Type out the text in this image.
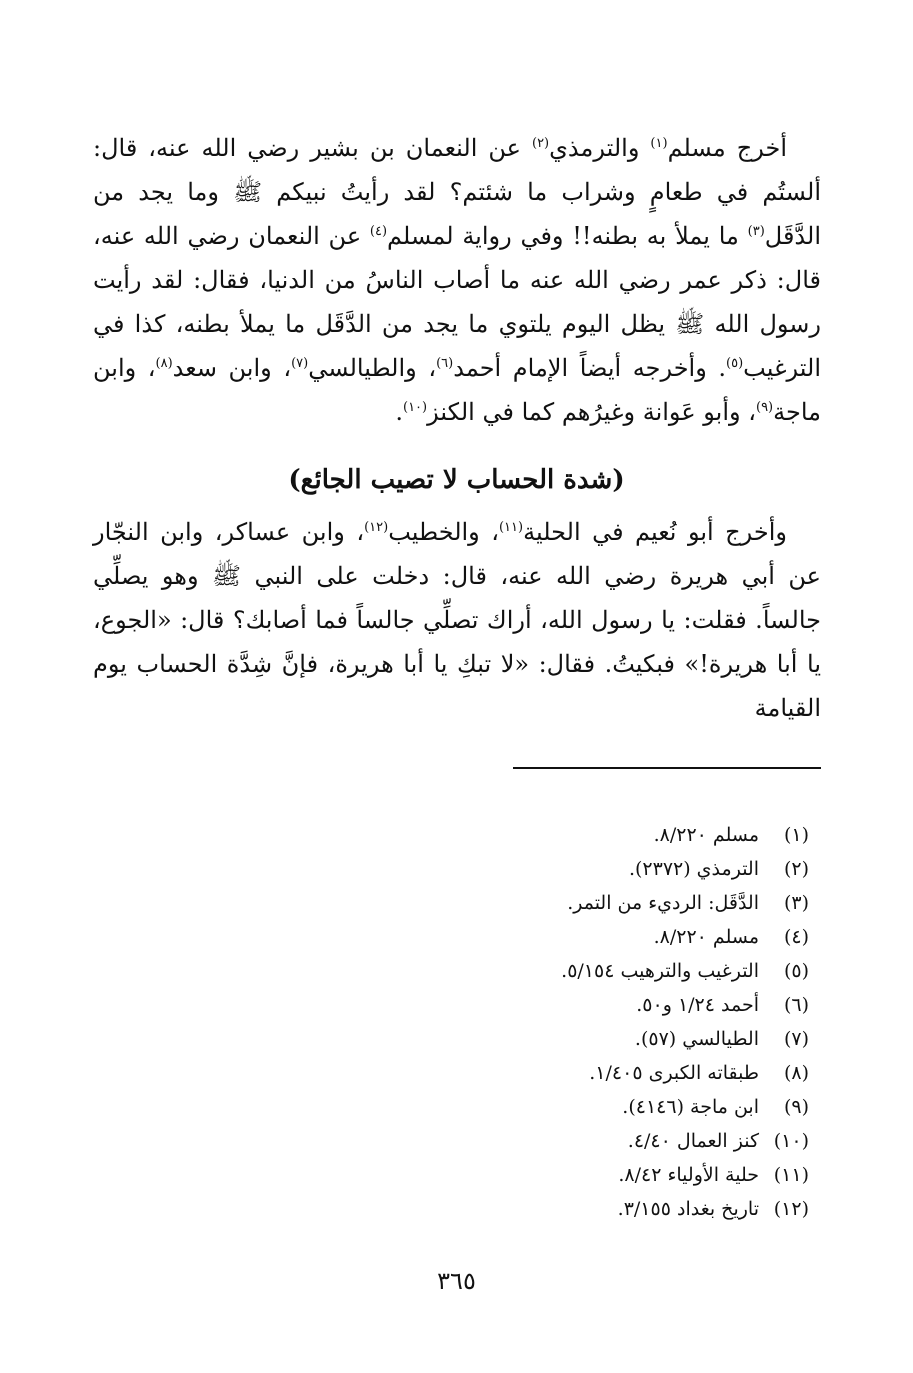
أخرج مسلم$^{(١)}$ والترمذي$^{(٢)}$ عن النعمان بن بشير رضي الله عنه، قال: ألستُم في طعامٍ وشراب ما شئتم؟ لقد رأيتُ نبيكم ﷺ وما يجد من الدَّقَل$^{(٣)}$ ما يملأ به بطنه!! وفي رواية لمسلم$^{(٤)}$ عن النعمان رضي الله عنه، قال: ذكر عمر رضي الله عنه ما أصاب الناسُ من الدنيا، فقال: لقد رأيت رسول الله ﷺ يظل اليوم يلتوي ما يجد من الدَّقَل ما يملأ بطنه، كذا في الترغيب$^{(٥)}$. وأخرجه أيضاً الإمام أحمد$^{(٦)}$، والطيالسي$^{(٧)}$، وابن سعد$^{(٨)}$، وابن ماجة$^{(٩)}$، وأبو عَوانة وغيرُهم كما في الكنز$^{(١٠)}$.

(شدة الحساب لا تصيب الجائع)

وأخرج أبو نُعيم في الحلية$^{(١١)}$، والخطيب$^{(١٢)}$، وابن عساكر، وابن النجّار عن أبي هريرة رضي الله عنه، قال: دخلت على النبي ﷺ وهو يصلِّي جالساً. فقلت: يا رسول الله، أراك تصلِّي جالساً فما أصابك؟ قال: «الجوع، يا أبا هريرة!» فبكيتُ. فقال: «لا تبكِ يا أبا هريرة، فإنَّ شِدَّة الحساب يوم القيامة

(١)
مسلم ٨/٢٢٠.
(٢)
الترمذي (٢٣٧٢).
(٣)
الدَّقَل: الرديء من التمر.
(٤)
مسلم ٨/٢٢٠.
(٥)
الترغيب والترهيب ٥/١٥٤.
(٦)
أحمد ١/٢٤ و٥٠.
(٧)
الطيالسي (٥٧).
(٨)
طبقاته الكبرى ١/٤٠٥.
(٩)
ابن ماجة (٤١٤٦).
(١٠)
كنز العمال ٤/٤٠.
(١١)
حلية الأولياء ٨/٤٢.
(١٢)
تاريخ بغداد ٣/١٥٥.
٣٦٥
